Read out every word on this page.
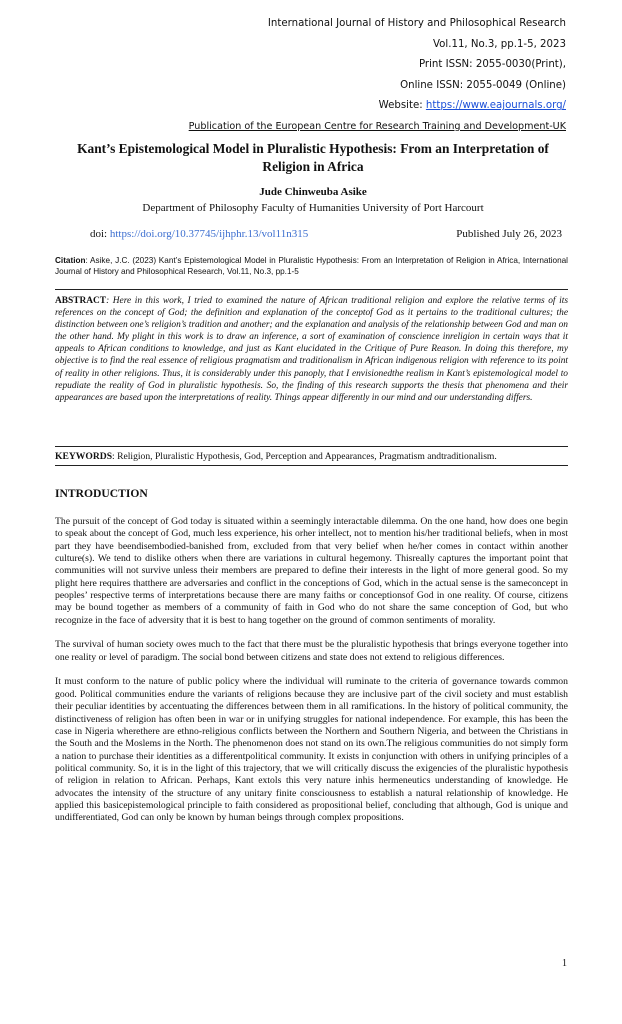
International Journal of History and Philosophical Research
Vol.11, No.3, pp.1-5, 2023
Print ISSN: 2055-0030(Print),
Online ISSN: 2055-0049 (Online)
Website: https://www.eajournals.org/
Publication of the European Centre for Research Training and Development-UK
Kant’s Epistemological Model in Pluralistic Hypothesis: From an Interpretation of Religion in Africa
Jude Chinweuba Asike
Department of Philosophy Faculty of Humanities University of Port Harcourt
doi: https://doi.org/10.37745/ijhphr.13/vol11n315	Published July 26, 2023
Citation: Asike, J.C. (2023) Kant’s Epistemological Model in Pluralistic Hypothesis: From an Interpretation of Religion in Africa, International Journal of History and Philosophical Research, Vol.11, No.3, pp.1-5
ABSTRACT: Here in this work, I tried to examined the nature of African traditional religion and explore the relative terms of its references on the concept of God; the definition and explanation of the conceptof God as it pertains to the traditional cultures; the distinction between one’s religion’s tradition and another; and the explanation and analysis of the relationship between God and man on the other hand. My plight in this work is to draw an inference, a sort of examination of conscience inreligion in certain ways that it appeals to African conditions to knowledge, and just as Kant elucidated in the Critique of Pure Reason. In doing this therefore, my objective is to find the real essence of religious pragmatism and traditionalism in African indigenous religion with reference to its point of reality in other religions. Thus, it is considerably under this panoply, that I envisionedthe realism in Kant’s epistemological model to repudiate the reality of God in pluralistic hypothesis. So, the finding of this research supports the thesis that phenomena and their appearances are based upon the interpretations of reality. Things appear differently in our mind and our understanding differs.
KEYWORDS: Religion, Pluralistic Hypothesis, God, Perception and Appearances, Pragmatism andtraditionalism.
INTRODUCTION

The pursuit of the concept of God today is situated within a seemingly interactable dilemma. On the one hand, how does one begin to speak about the concept of God, much less experience, his orher intellect, not to mention his/her traditional beliefs, when in most part they have beendisembodied-banished from, excluded from that very belief when he/her comes in contact within another culture(s). We tend to dislike others when there are variations in cultural hegemony. Thisreally captures the important point that communities will not survive unless their members are prepared to define their interests in the light of more general good. So my plight here requires thatthere are adversaries and conflict in the conceptions of God, which in the actual sense is the sameconcept in peoples’ respective terms of interpretations because there are many faiths or conceptionsof God in one reality. Of course, citizens may be bound together as members of a community of faith in God who do not share the same conception of God, but who recognize in the face of adversity that it is best to hang together on the ground of common sentiments of morality.

The survival of human society owes much to the fact that there must be the pluralistic hypothesis that brings everyone together into one reality or level of paradigm. The social bond between citizens and state does not extend to religious differences.

It must conform to the nature of public policy where the individual will ruminate to the criteria of governance towards common good. Political communities endure the variants of religions because they are inclusive part of the civil society and must establish their peculiar identities by accentuating the differences between them in all ramifications. In the history of political community, the distinctiveness of religion has often been in war or in unifying struggles for national independence. For example, this has been the case in Nigeria wherethere are ethno-religious conflicts between the Northern and Southern Nigeria, and between the Christians in the South and the Moslems in the North. The phenomenon does not stand on its own.The religious communities do not simply form a nation to purchase their identities as a differentpolitical community. It exists in conjunction with others in unifying principles of a political community. So, it is in the light of this trajectory, that we will critically discuss the exigencies of the pluralistic hypothesis of religion in relation to African. Perhaps, Kant extols this very nature inhis hermeneutics understanding of knowledge. He advocates the intensity of the structure of any unitary finite consciousness to establish a natural relationship of knowledge. He applied this basicepistemological principle to faith considered as propositional belief, concluding that although, God is unique and undifferentiated, God can only be known by human beings through complex propositions.

1
